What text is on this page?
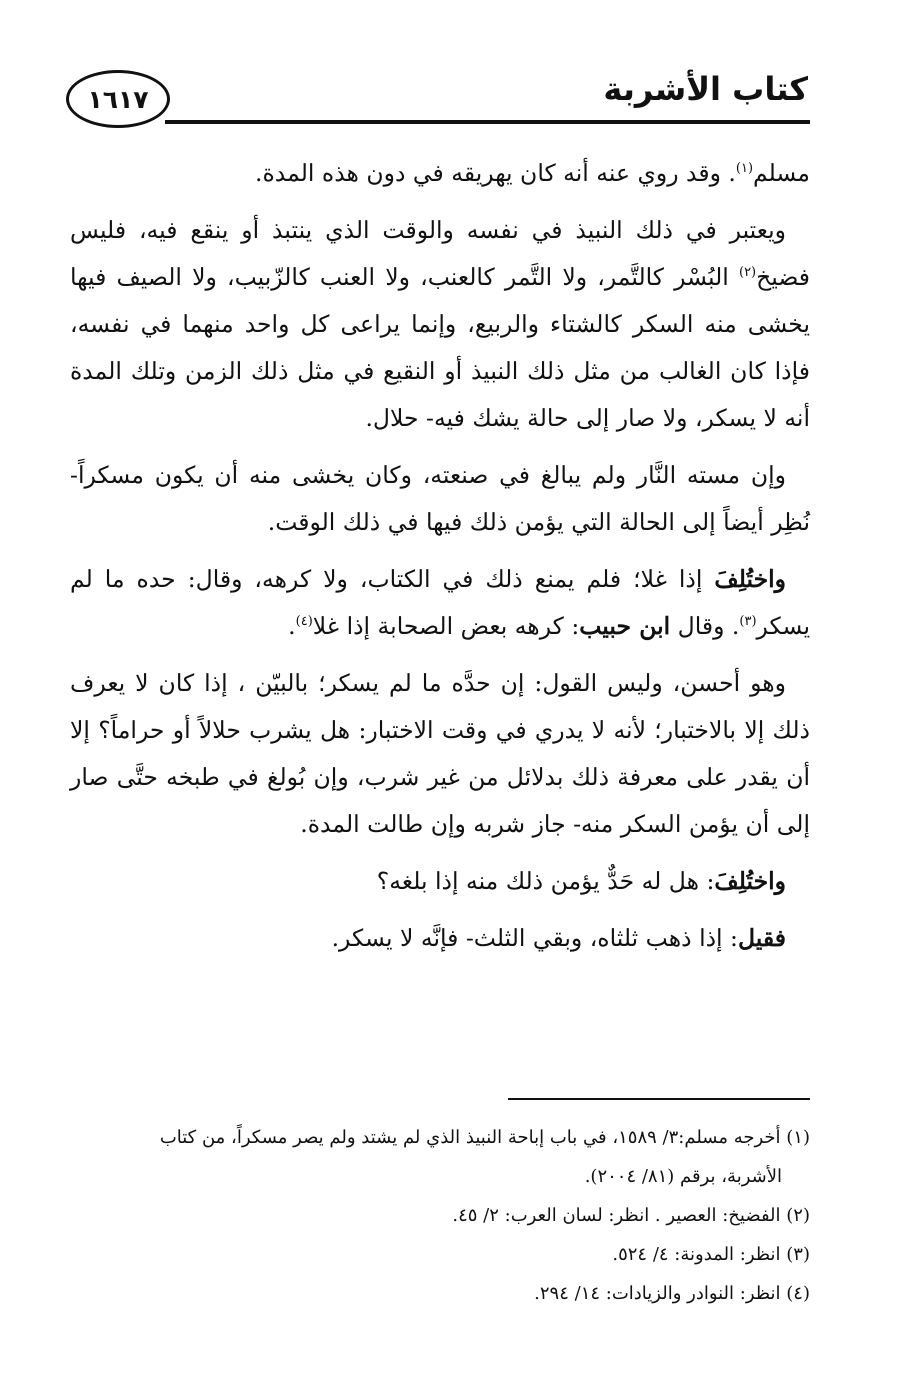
كتاب الأشربة
١٦١٧

مسلم$^{(١)}$. وقد روي عنه أنه كان يهريقه في دون هذه المدة.

ويعتبر في ذلك النبيذ في نفسه والوقت الذي ينتبذ أو ينقع فيه، فليس فضيخ$^{(٢)}$ البُسْر كالتَّمر، ولا التَّمر كالعنب، ولا العنب كالزّبيب، ولا الصيف فيها يخشى منه السكر كالشتاء والربيع، وإنما يراعى كل واحد منهما في نفسه، فإذا كان الغالب من مثل ذلك النبيذ أو النقيع في مثل ذلك الزمن وتلك المدة أنه لا يسكر، ولا صار إلى حالة يشك فيه- حلال.

وإن مسته النَّار ولم يبالغ في صنعته، وكان يخشى منه أن يكون مسكراً- نُظِر أيضاً إلى الحالة التي يؤمن ذلك فيها في ذلك الوقت.

واختُلِفَ إذا غلا؛ فلم يمنع ذلك في الكتاب، ولا كرهه، وقال: حده ما لم يسكر$^{(٣)}$. وقال ابن حبيب: كرهه بعض الصحابة إذا غلا$^{(٤)}$.

وهو أحسن، وليس القول: إن حدَّه ما لم يسكر؛ بالبيّن ، إذا كان لا يعرف ذلك إلا بالاختبار؛ لأنه لا يدري في وقت الاختبار: هل يشرب حلالاً أو حراماً؟ إلا أن يقدر على معرفة ذلك بدلائل من غير شرب، وإن بُولغ في طبخه حتَّى صار إلى أن يؤمن السكر منه- جاز شربه وإن طالت المدة.

واختُلِفَ: هل له حَدٌّ يؤمن ذلك منه إذا بلغه؟

فقيل: إذا ذهب ثلثاه، وبقي الثلث- فإنَّه لا يسكر.

(١) أخرجه مسلم:٣/ ١٥٨٩، في باب إباحة النبيذ الذي لم يشتد ولم يصر مسكراً، من كتاب
الأشربة، برقم (٨١/ ٢٠٠٤).
(٢) الفضيخ: العصير . انظر: لسان العرب: ٢/ ٤٥.
(٣) انظر: المدونة: ٤/ ٥٢٤.
(٤) انظر: النوادر والزيادات: ١٤/ ٢٩٤.
